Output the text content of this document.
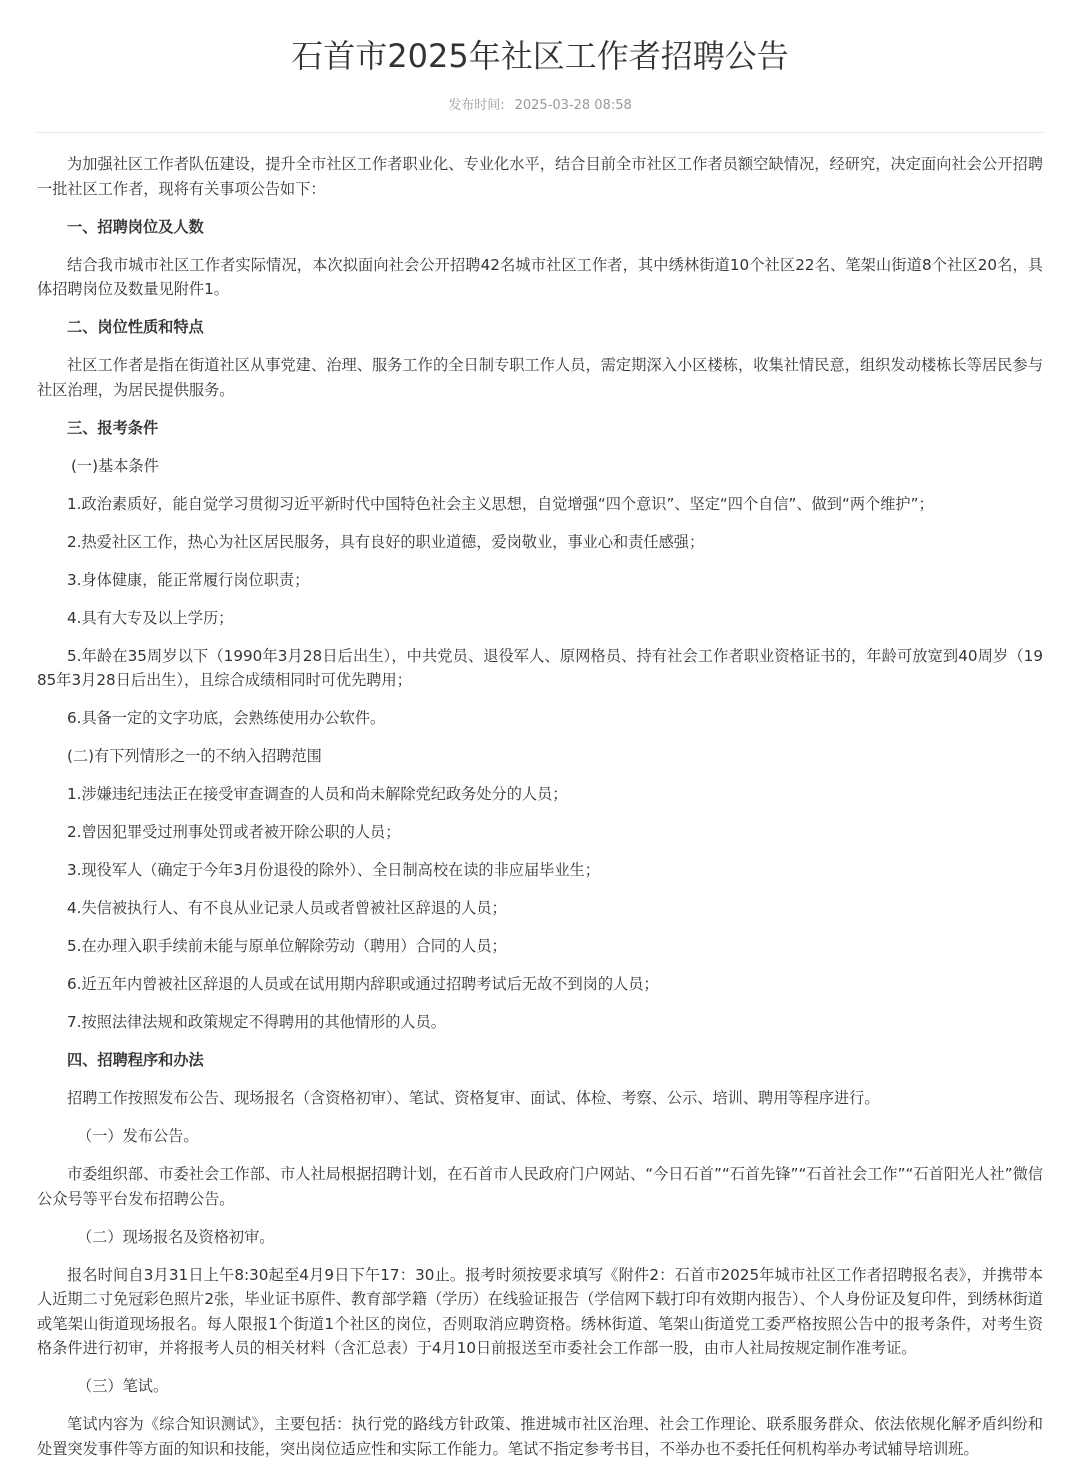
石首市2025年社区工作者招聘公告
发布时间: 2025-03-28 08:58

为加强社区工作者队伍建设，提升全市社区工作者职业化、专业化水平，结合目前全市社区工作者员额空缺情况，经研究，决定面向社会公开招聘一批社区工作者，现将有关事项公告如下：

一、招聘岗位及人数

结合我市城市社区工作者实际情况，本次拟面向社会公开招聘42名城市社区工作者，其中绣林街道10个社区22名、笔架山街道8个社区20名，具体招聘岗位及数量见附件1。

二、岗位性质和特点

社区工作者是指在街道社区从事党建、治理、服务工作的全日制专职工作人员，需定期深入小区楼栋，收集社情民意，组织发动楼栋长等居民参与社区治理，为居民提供服务。

三、报考条件

(一)基本条件

1.政治素质好，能自觉学习贯彻习近平新时代中国特色社会主义思想，自觉增强“四个意识”、坚定“四个自信”、做到“两个维护”；

2.热爱社区工作，热心为社区居民服务，具有良好的职业道德，爱岗敬业，事业心和责任感强；

3.身体健康，能正常履行岗位职责；

4.具有大专及以上学历；

5.年龄在35周岁以下（1990年3月28日后出生），中共党员、退役军人、原网格员、持有社会工作者职业资格证书的，年龄可放宽到40周岁（1985年3月28日后出生），且综合成绩相同时可优先聘用；

6.具备一定的文字功底，会熟练使用办公软件。

(二)有下列情形之一的不纳入招聘范围

1.涉嫌违纪违法正在接受审查调查的人员和尚未解除党纪政务处分的人员；

2.曾因犯罪受过刑事处罚或者被开除公职的人员；

3.现役军人（确定于今年3月份退役的除外）、全日制高校在读的非应届毕业生；

4.失信被执行人、有不良从业记录人员或者曾被社区辞退的人员；

5.在办理入职手续前未能与原单位解除劳动（聘用）合同的人员；

6.近五年内曾被社区辞退的人员或在试用期内辞职或通过招聘考试后无故不到岗的人员；

7.按照法律法规和政策规定不得聘用的其他情形的人员。

四、招聘程序和办法

招聘工作按照发布公告、现场报名（含资格初审）、笔试、资格复审、面试、体检、考察、公示、培训、聘用等程序进行。

（一）发布公告。

市委组织部、市委社会工作部、市人社局根据招聘计划，在石首市人民政府门户网站、“今日石首”“石首先锋”“石首社会工作”“石首阳光人社”微信公众号等平台发布招聘公告。

（二）现场报名及资格初审。

报名时间自3月31日上午8:30起至4月9日下午17：30止。报考时须按要求填写《附件2：石首市2025年城市社区工作者招聘报名表》，并携带本人近期二寸免冠彩色照片2张，毕业证书原件、教育部学籍（学历）在线验证报告（学信网下载打印有效期内报告）、个人身份证及复印件，到绣林街道或笔架山街道现场报名。每人限报1个街道1个社区的岗位，否则取消应聘资格。绣林街道、笔架山街道党工委严格按照公告中的报考条件，对考生资格条件进行初审，并将报考人员的相关材料（含汇总表）于4月10日前报送至市委社会工作部一股，由市人社局按规定制作准考证。

（三）笔试。

笔试内容为《综合知识测试》，主要包括：执行党的路线方针政策、推进城市社区治理、社会工作理论、联系服务群众、依法依规化解矛盾纠纷和处置突发事件等方面的知识和技能，突出岗位适应性和实际工作能力。笔试不指定参考书目，不举办也不委托任何机构举办考试辅导培训班。
